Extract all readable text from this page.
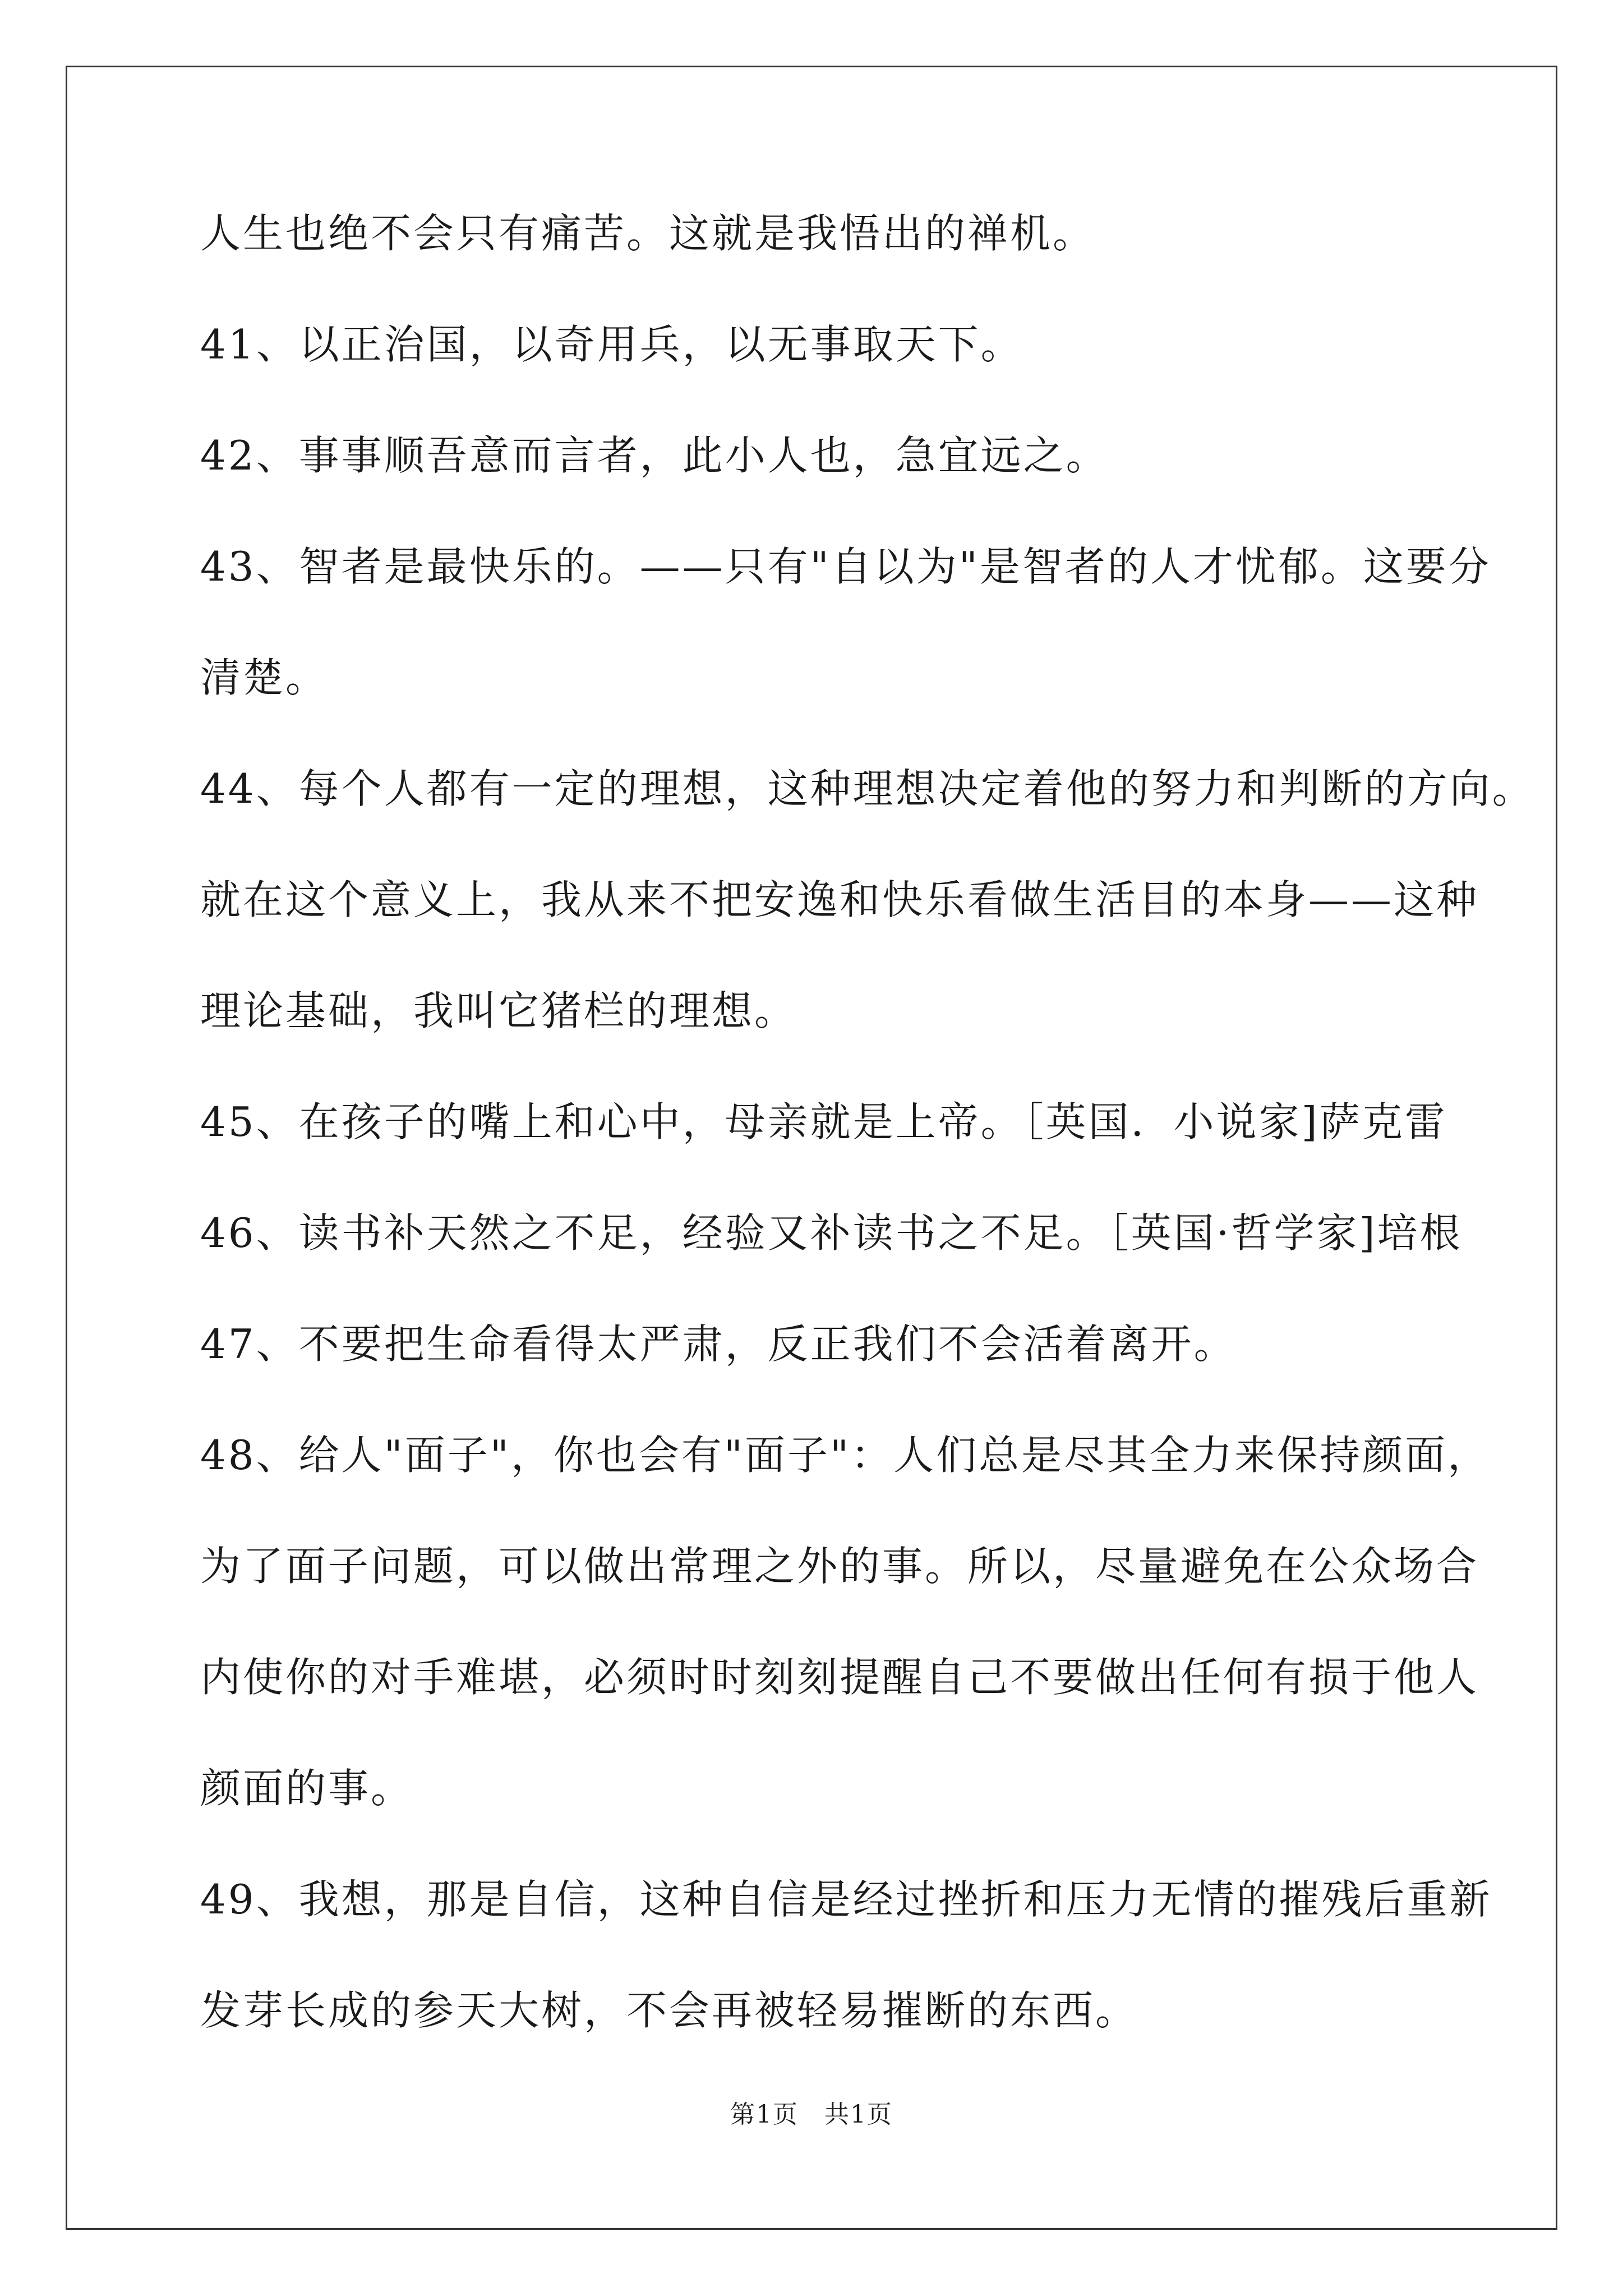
人生也绝不会只有痛苦。这就是我悟出的禅机。
41、以正治国，以奇用兵，以无事取天下。
42、事事顺吾意而言者，此小人也，急宜远之。
43、智者是最快乐的。——只有"自以为"是智者的人才忧郁。这要分
清楚。
44、每个人都有一定的理想，这种理想决定着他的努力和判断的方向。
就在这个意义上，我从来不把安逸和快乐看做生活目的本身——这种
理论基础，我叫它猪栏的理想。
45、在孩子的嘴上和心中，母亲就是上帝。［英国．小说家]萨克雷
46、读书补天然之不足，经验又补读书之不足。［英国·哲学家]培根
47、不要把生命看得太严肃，反正我们不会活着离开。
48、给人"面子"，你也会有"面子"：人们总是尽其全力来保持颜面，
为了面子问题，可以做出常理之外的事。所以，尽量避免在公众场合
内使你的对手难堪，必须时时刻刻提醒自己不要做出任何有损于他人
颜面的事。
49、我想，那是自信，这种自信是经过挫折和压力无情的摧残后重新
发芽长成的参天大树，不会再被轻易摧断的东西。
第1页　共1页
